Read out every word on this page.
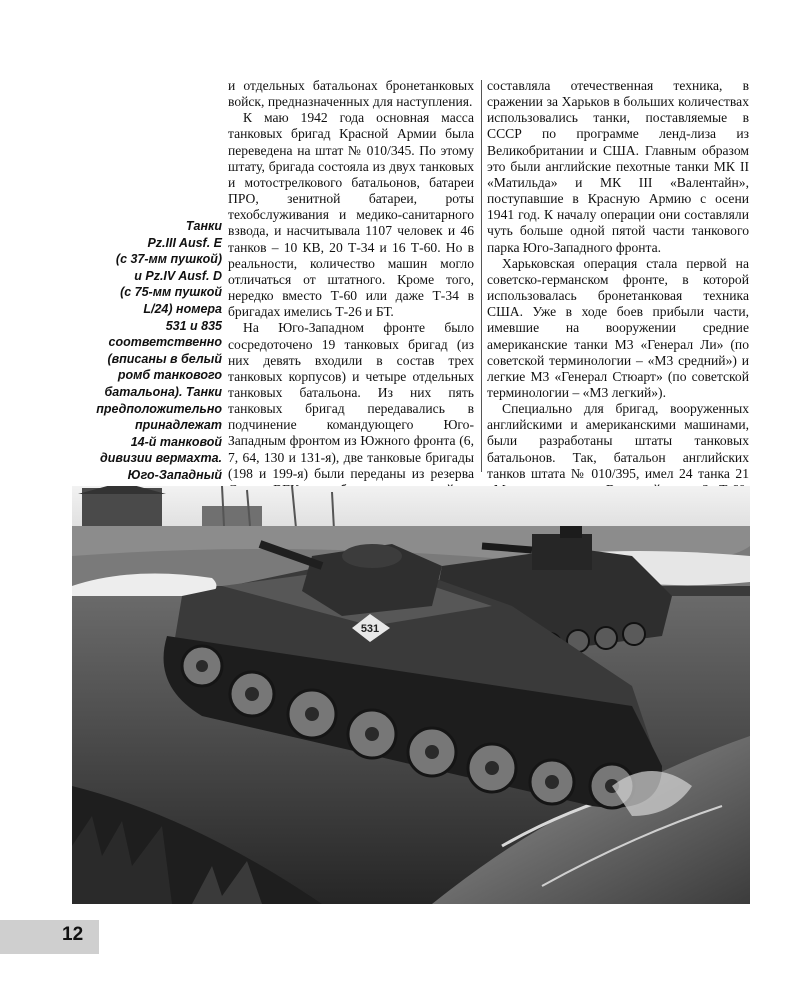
Танки
Pz.III Ausf. E
(с 37-мм пушкой)
и Pz.IV Ausf. D
(с 75-мм пушкой
L/24) номера
531 и 835
соответственно
(вписаны в белый
ромб танкового
батальона). Танки
предположительно
принадлежат
14-й танковой
дивизии вермахта.
Юго-Западный

и отдельных батальонах бронетанковых войск, предназначенных для наступления.

К маю 1942 года основная масса танковых бригад Красной Армии была переведена на штат № 010/345. По этому штату, бригада состояла из двух танковых и мотострелкового батальонов, батареи ПРО, зенитной батареи, роты техобслуживания и медико-санитарного взвода, и насчитывала 1107 человек и 46 танков – 10 КВ, 20 Т-34 и 16 Т-60. Но в реальности, количество машин могло отличаться от штатного. Кроме того, нередко вместо Т-60 или даже Т-34 в бригадах имелись Т-26 и БТ.

На Юго-Западном фронте было сосредоточено 19 танковых бригад (из них девять входили в состав трех танковых корпусов) и четыре отдельных танковых батальона. Из них пять танковых бригад передавались в подчинение командующего Юго-Западным фронтом из Южного фронта (6, 7, 64, 130 и 131-я), две танковые бригады (198 и 199-я) были переданы из резерва

составляла отечественная техника, в сражении за Харьков в больших количествах использовались танки, поставляемые в СССР по программе ленд-лиза из Великобритании и США. Главным образом это были английские пехотные танки МК II «Матильда» и МК III «Валентайн», поступавшие в Красную Армию с осени 1941 год. К началу операции они составляли чуть больше одной пятой части танкового парка Юго-Западного фронта.

Харьковская операция стала первой на советско-германском фронте, в которой использовалась бронетанковая техника США. Уже в ходе боев прибыли части, имевшие на вооружении средние американские танки М3 «Генерал Ли» (по советской терминологии – «М3 средний») и легкие М3 «Генерал Стюарт» (по советской терминологии – «М3 легкий»).

Специально для бригад, вооруженных английскими и американскими машинами, были разработаны штаты танковых батальонов. Так, батальон английских танков штата № 010/395, имел 24 танка 21

531
12
